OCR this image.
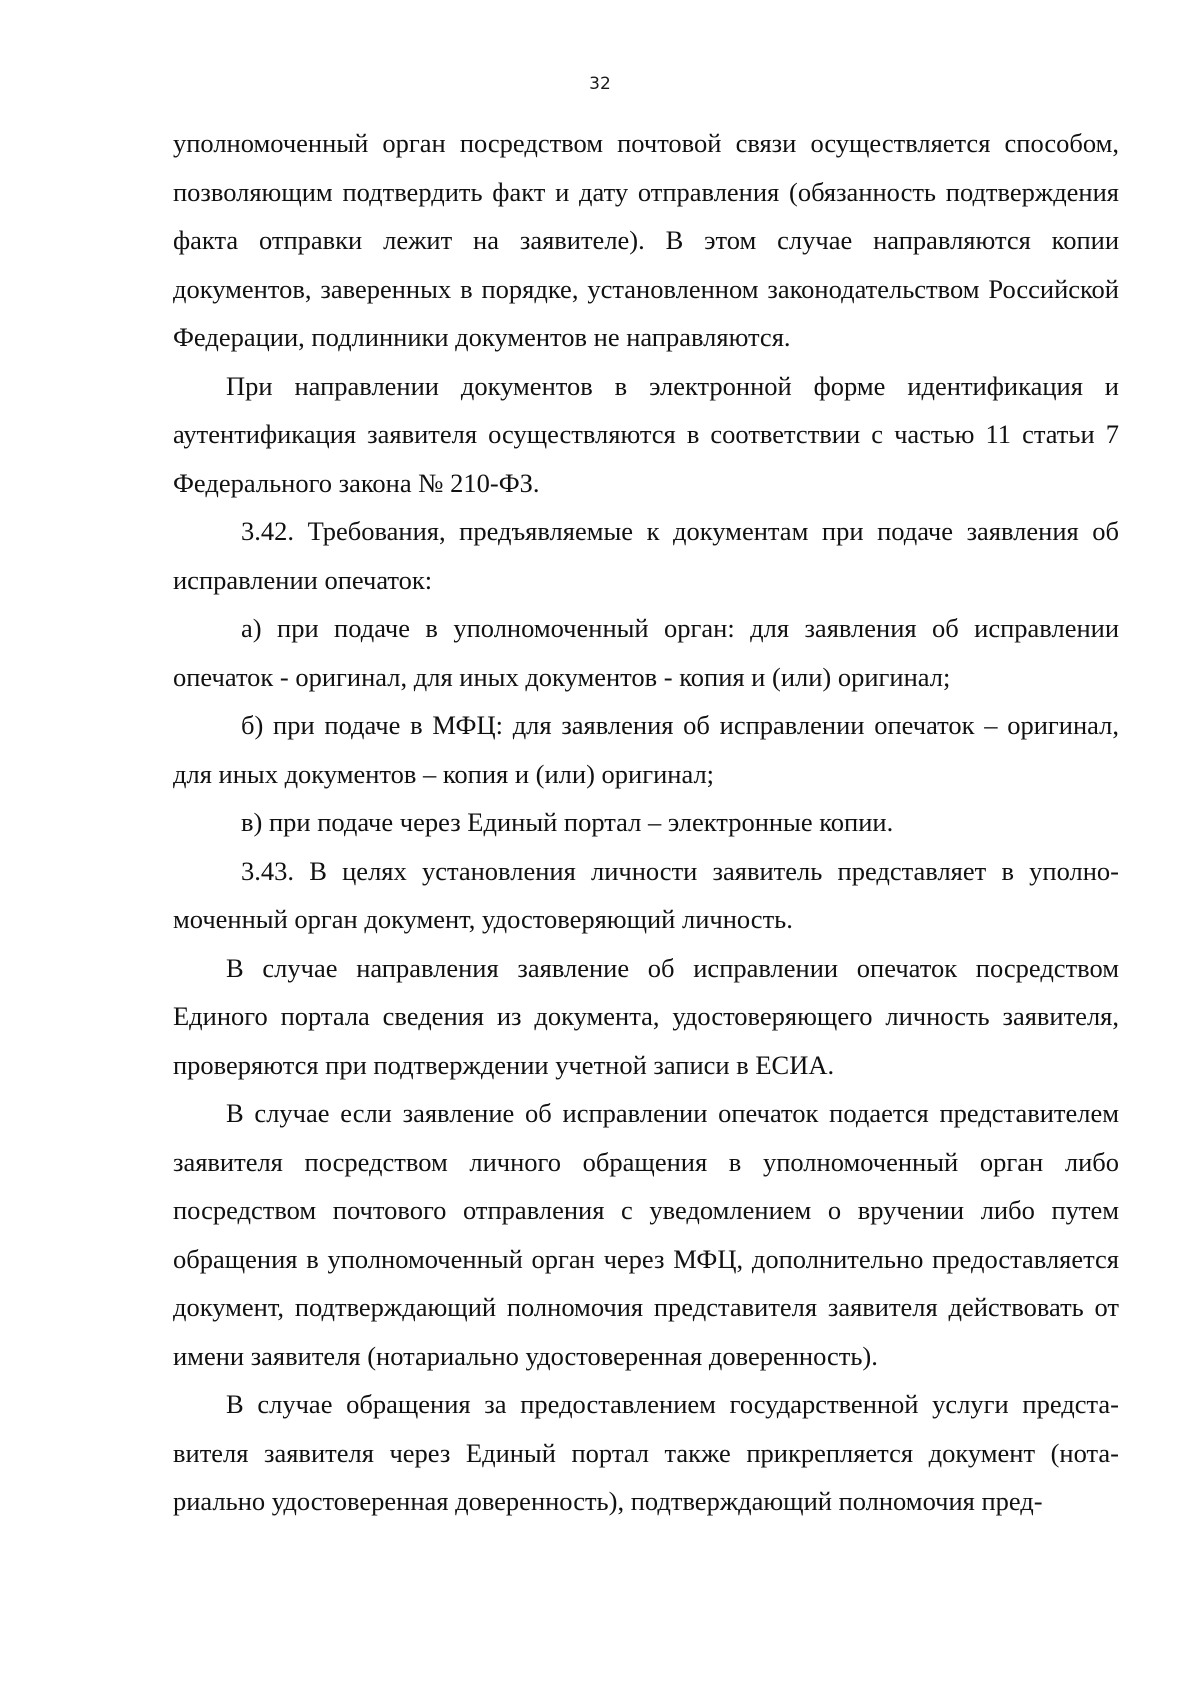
32

уполномоченный орган посредством почтовой связи осуществляется способом, позволяющим подтвердить факт и дату отправления (обязанность подтверждения факта отправки лежит на заявителе). В этом случае направляются копии документов, заверенных в порядке, установленном законодательством Российской Федерации, подлинники документов не направляются.

При направлении документов в электронной форме идентификация и аутентификация заявителя осуществляются в соответствии с частью 11 статьи 7 Федерального закона № 210-ФЗ.

3.42. Требования, предъявляемые к документам при подаче заявления об исправлении опечаток:

а) при подаче в уполномоченный орган: для заявления об исправлении опечаток - оригинал, для иных документов - копия и (или) оригинал;

б) при подаче в МФЦ: для заявления об исправлении опечаток – оригинал, для иных документов – копия и (или) оригинал;

в) при подаче через Единый портал – электронные копии.

3.43. В целях установления личности заявитель представляет в уполномоченный орган документ, удостоверяющий личность.

В случае направления заявление об исправлении опечаток посредством Единого портала сведения из документа, удостоверяющего личность заявителя, проверяются при подтверждении учетной записи в ЕСИА.

В случае если заявление об исправлении опечаток подается представителем заявителя посредством личного обращения в уполномоченный орган либо посредством почтового отправления с уведомлением о вручении либо путем обращения в уполномоченный орган через МФЦ, дополнительно предоставляется документ, подтверждающий полномочия представителя заявителя действовать от имени заявителя (нотариально удостоверенная доверенность).

В случае обращения за предоставлением государственной услуги представителя заявителя через Единый портал также прикрепляется документ (нотариально удостоверенная доверенность), подтверждающий полномочия пред-
